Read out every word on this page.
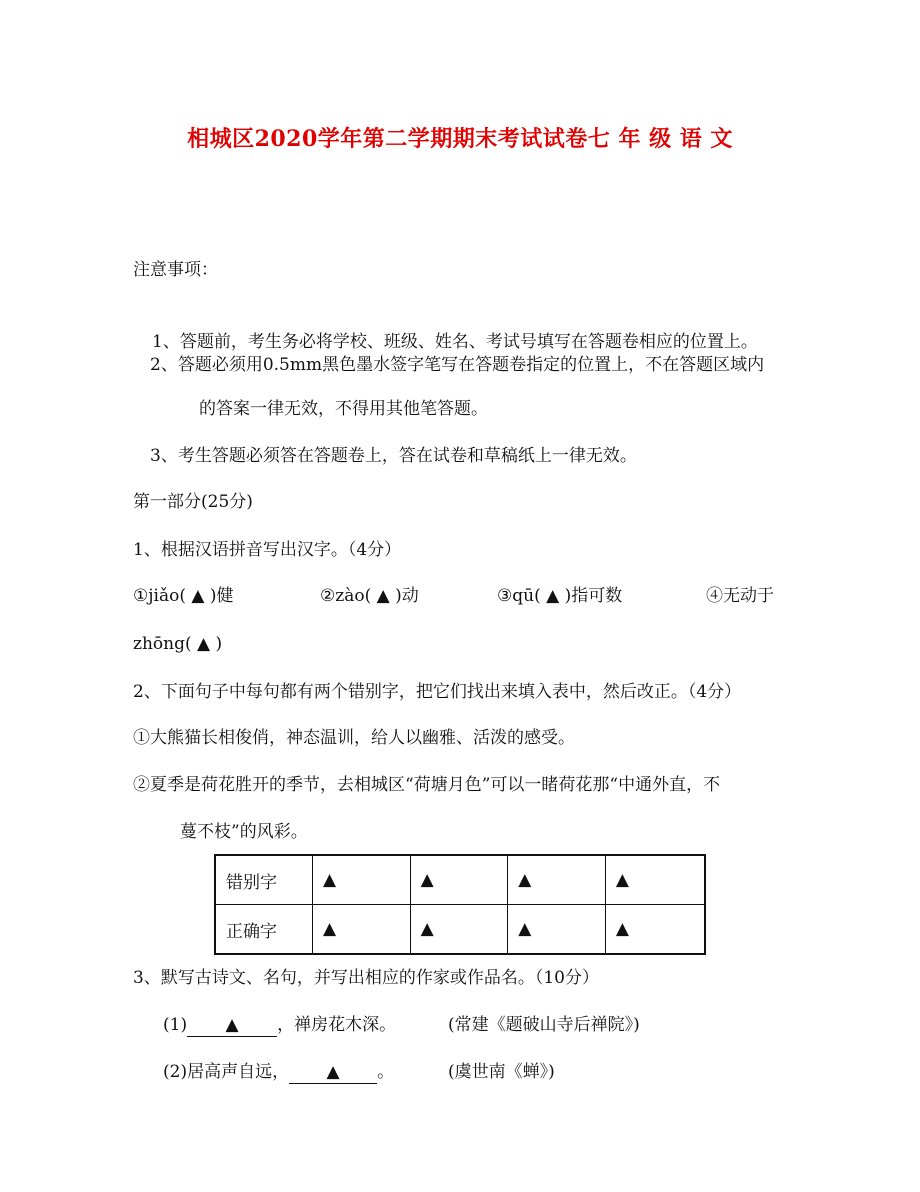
相城区2020学年第二学期期末考试试卷七 年 级 语 文
注意事项：
1、答题前，考生务必将学校、班级、姓名、考试号填写在答题卷相应的位置上。
2、答题必须用0.5mm黑色墨水签字笔写在答题卷指定的位置上，不在答题区域内
的答案一律无效，不得用其他笔答题。
3、考生答题必须答在答题卷上，答在试卷和草稿纸上一律无效。
第一部分(25分)
1、根据汉语拼音写出汉字。（4分）
①jiǎo( ▲ )健	②zào( ▲ )动	③qū( ▲ )指可数	④无动于
zhōng( ▲ )
2、下面句子中每句都有两个错别字，把它们找出来填入表中，然后改正。（4分）
①大熊猫长相俊俏，神态温训，给人以幽雅、活泼的感受。
②夏季是荷花胜开的季节，去相城区“荷塘月色”可以一睹荷花那“中通外直，不
蔓不枝”的风彩。
错别字	▲	▲	▲	▲
正确字	▲	▲	▲	▲
3、默写古诗文、名句，并写出相应的作家或作品名。（10分）
(1) ▲ ，禅房花木深。	(常建《题破山寺后禅院》)
(2)居高声自远， ▲ 。	(虞世南《蝉》)
